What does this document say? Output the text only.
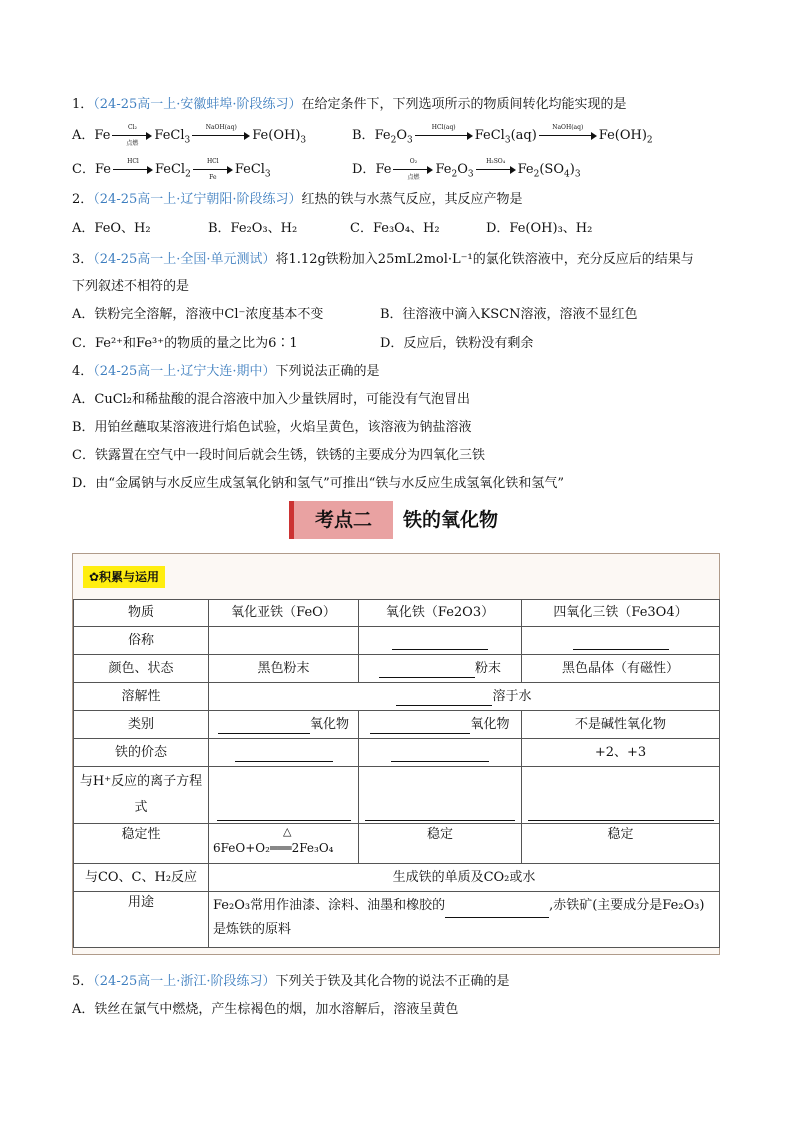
1．（24-25高一上·安徽蚌埠·阶段练习）在给定条件下，下列选项所示的物质间转化均能实现的是
A．Fe
Cl₂
点燃	FeCl$_3$
NaOH(aq)
$Fe(OH)_3$	B．$Fe_2O_3$
HCl(aq)
FeCl$_3$(aq)
NaOH(aq)
$Fe(OH)_2$
C．Fe
HCl
FeCl$_2$
HCl
Fe	FeCl$_3$	D．Fe
O₂
点燃	$Fe_2O_3$
H₂SO₄
$Fe_2(SO_4)_3$
2．（24-25高一上·辽宁朝阳·阶段练习）红热的铁与水蒸气反应，其反应产物是
A．FeO、H₂	B．Fe₂O₃、H₂	C．Fe₃O₄、H₂	D．Fe(OH)₃、H₂
3．（24-25高一上·全国·单元测试）将1.12g铁粉加入25mL2mol·L⁻¹的氯化铁溶液中，充分反应后的结果与
下列叙述不相符的是
A．铁粉完全溶解，溶液中Cl⁻浓度基本不变	B．往溶液中滴入KSCN溶液，溶液不显红色
C．Fe²⁺和Fe³⁺的物质的量之比为6∶1	D．反应后，铁粉没有剩余
4．（24-25高一上·辽宁大连·期中）下列说法正确的是
A．CuCl₂和稀盐酸的混合溶液中加入少量铁屑时，可能没有气泡冒出
B．用铂丝蘸取某溶液进行焰色试验，火焰呈黄色，该溶液为钠盐溶液
C．铁露置在空气中一段时间后就会生锈，铁锈的主要成分为四氧化三铁
D．由“金属钠与水反应生成氢氧化钠和氢气”可推出“铁与水反应生成氢氧化铁和氢气”
考点二	铁的氧化物
✿积累与运用
物质	氧化亚铁（FeO）	氧化铁（Fe2O3）	四氧化三铁（Fe3O4）
俗称			
颜色、状态	黑色粉末	粉末	黑色晶体（有磁性）
溶解性	溶于水		
类别	氧化物	氧化物	不是碱性氧化物
铁的价态			+2、+3
与H⁺反应的离子方程式			
稳定性	△
6FeO+O₂═══2Fe₃O₄	稳定	稳定
与CO、C、H₂反应	生成铁的单质及CO₂或水		
用途	Fe₂O₃常用作油漆、涂料、油墨和橡胶的 ,赤铁矿(主要成分是Fe₂O₃)
是炼铁的原料		
5．（24-25高一上·浙江·阶段练习）下列关于铁及其化合物的说法不正确的是
A．铁丝在氯气中燃烧，产生棕褐色的烟，加水溶解后，溶液呈黄色
